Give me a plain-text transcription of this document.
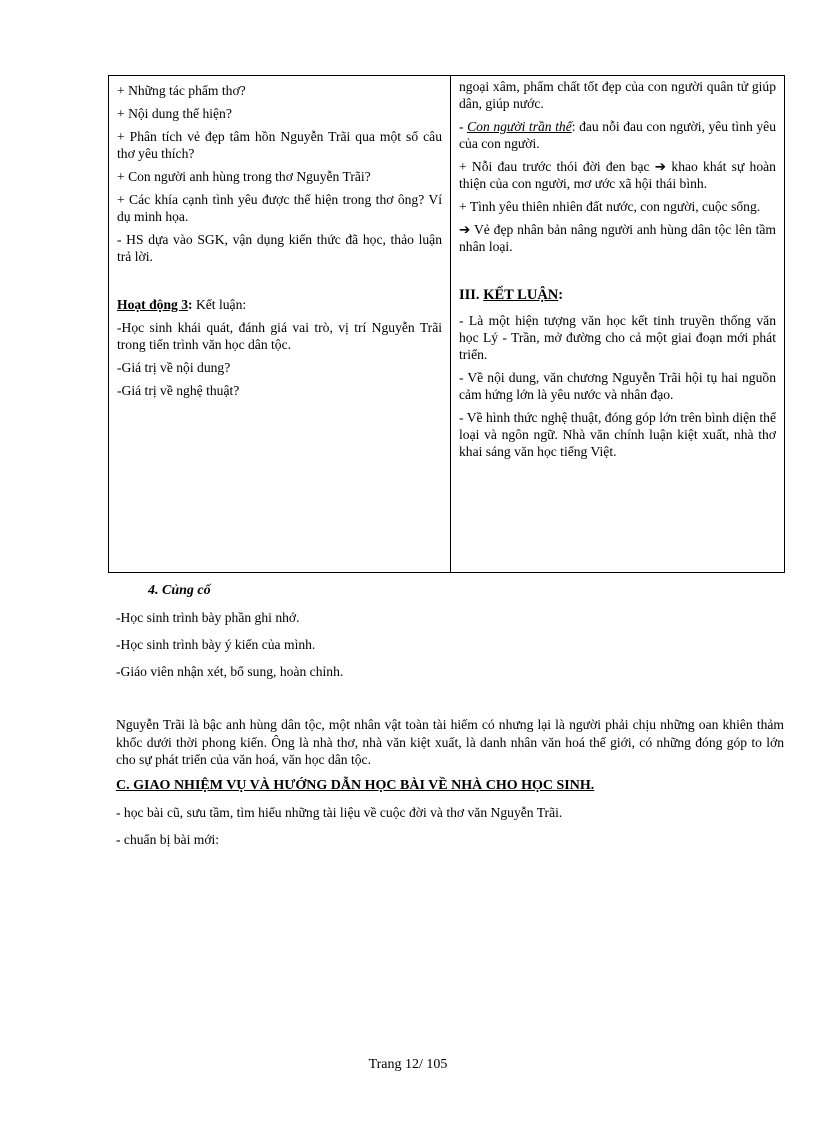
+ Những tác phẩm thơ?

+ Nội dung thể hiện?

+ Phân tích vẻ đẹp tâm hồn Nguyễn Trãi qua một số câu thơ yêu thích?

+ Con người anh hùng trong thơ Nguyễn Trãi?

+ Các khía cạnh tình yêu được thể hiện trong thơ ông? Ví dụ minh họa.

- HS dựa vào SGK, vận dụng kiến thức đã học, thảo luận trả lời.

Hoạt động 3: Kết luận:

-Học sinh khái quát, đánh giá vai trò, vị trí Nguyễn Trãi trong tiến trình văn học dân tộc.

-Giá trị về nội dung?

-Giá trị về nghệ thuật?

ngoại xâm, phẩm chất tốt đẹp của con người quân tử giúp dân, giúp nước.

- Con người trần thế: đau nỗi đau con người, yêu tình yêu của con người.

+ Nỗi đau trước thói đời đen bạc ➔ khao khát sự hoàn thiện của con người, mơ ước xã hội thái bình.

+ Tình yêu thiên nhiên đất nước, con người, cuộc sống.

➔ Vẻ đẹp nhân bản nâng người anh hùng dân tộc lên tầm nhân loại.

III. KẾT LUẬN:

- Là một hiện tượng văn học kết tinh truyền thống văn học Lý - Trần, mở đường cho cả một giai đoạn mới phát triển.

- Về nội dung, văn chương Nguyễn Trãi hội tụ hai nguồn cảm hứng lớn là yêu nước và nhân đạo.

- Về hình thức nghệ thuật, đóng góp lớn trên bình diện thể loại và ngôn ngữ. Nhà văn chính luận kiệt xuất, nhà thơ khai sáng văn học tiếng Việt.

4. Củng cố
-Học sinh trình bày phần ghi nhớ.
-Học sinh trình bày ý kiến của mình.
-Giáo viên nhận xét, bổ sung, hoàn chỉnh.
Nguyễn Trãi là bậc anh hùng dân tộc, một nhân vật toàn tài hiếm có nhưng lại là người phải chịu những oan khiên thảm khốc dưới thời phong kiến. Ông là nhà thơ, nhà văn kiệt xuất, là danh nhân văn hoá thế giới, có những đóng góp to lớn cho sự phát triển của văn hoá, văn học dân tộc.
C. GIAO NHIỆM VỤ VÀ HƯỚNG DẪN HỌC BÀI VỀ NHÀ CHO HỌC SINH.
- học bài cũ, sưu tầm, tìm hiểu những tài liệu về cuộc đời và thơ văn Nguyễn Trãi.
- chuẩn bị bài mới:
Trang 12/ 105
